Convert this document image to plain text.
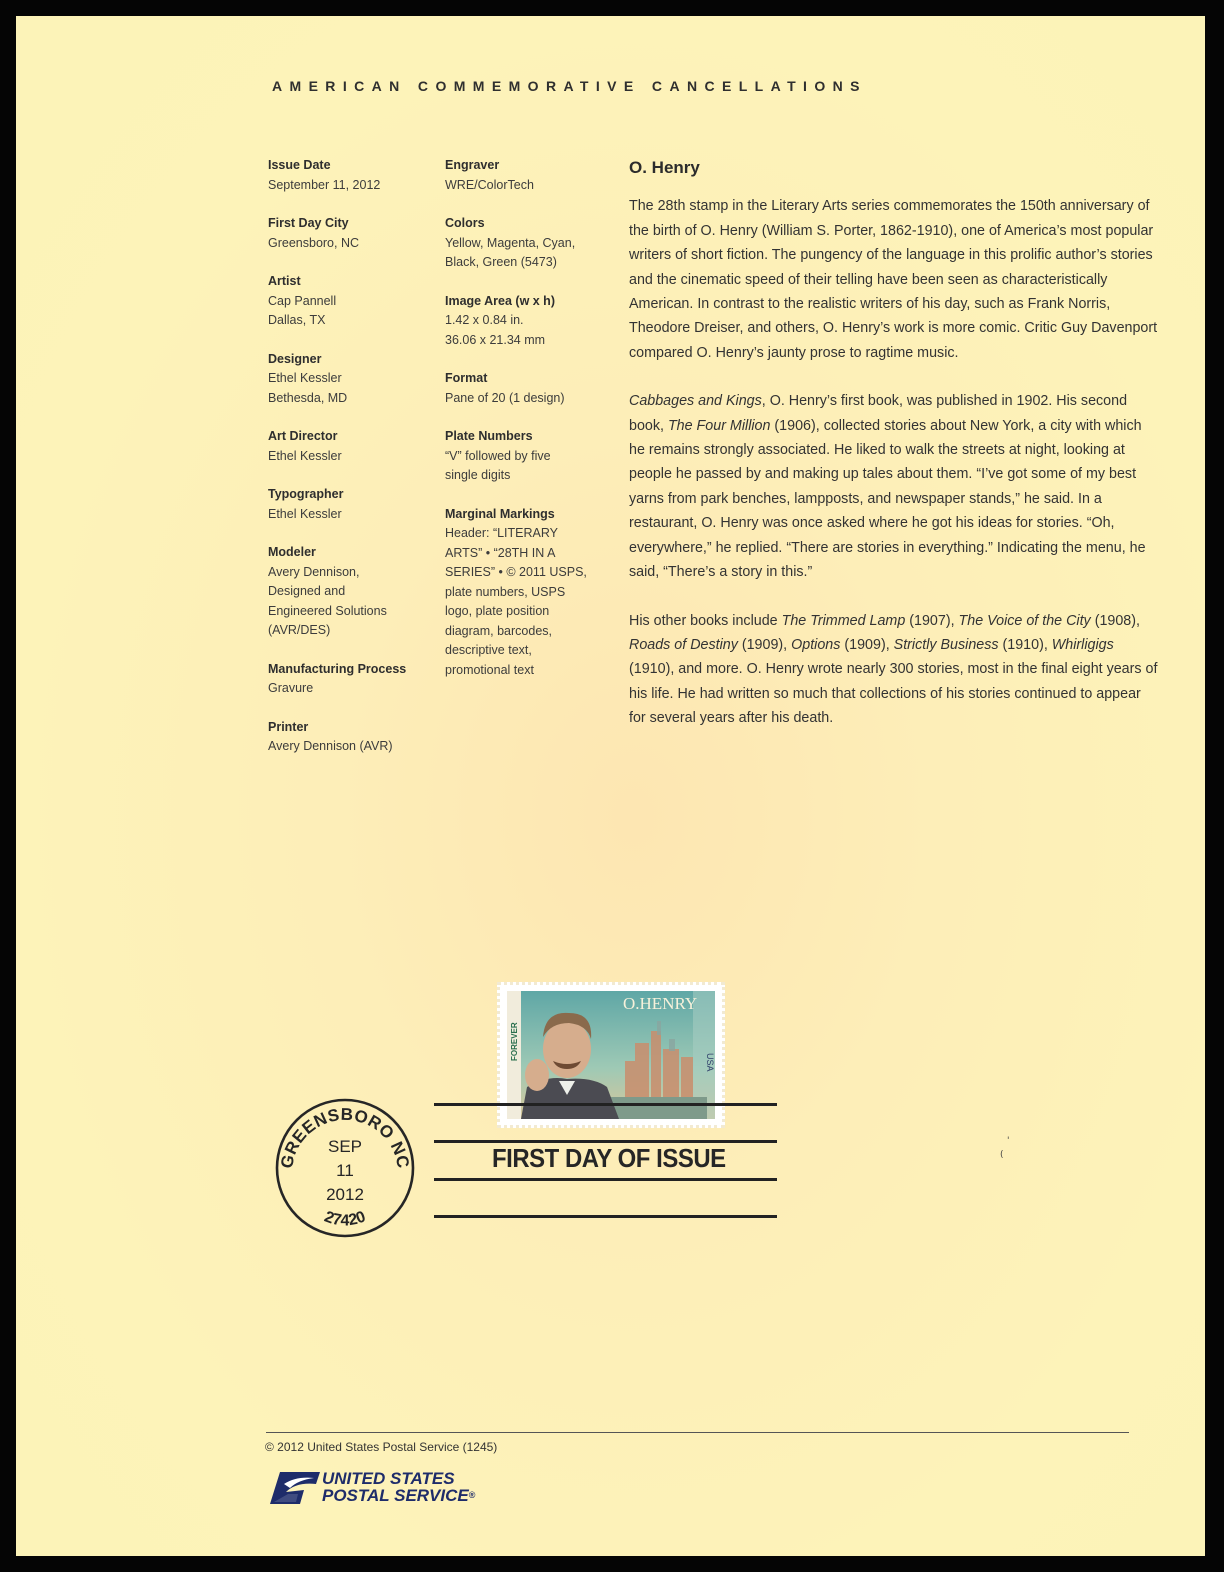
AMERICAN COMMEMORATIVE CANCELLATIONS
Issue Date
September 11, 2012
First Day City
Greensboro, NC
Artist
Cap Pannell
Dallas, TX
Designer
Ethel Kessler
Bethesda, MD
Art Director
Ethel Kessler
Typographer
Ethel Kessler
Modeler
Avery Dennison,
Designed and
Engineered Solutions
(AVR/DES)
Manufacturing Process
Gravure
Printer
Avery Dennison (AVR)
Engraver
WRE/ColorTech
Colors
Yellow, Magenta, Cyan,
Black, Green (5473)
Image Area (w x h)
1.42 x 0.84 in.
36.06 x 21.34 mm
Format
Pane of 20 (1 design)
Plate Numbers
“V” followed by five
single digits
Marginal Markings
Header: “LITERARY
ARTS” • “28TH IN A
SERIES” • © 2011 USPS,
plate numbers, USPS
logo, plate position
diagram, barcodes,
descriptive text,
promotional text
O. Henry

The 28th stamp in the Literary Arts series commemorates the 150th anniversary of the birth of O. Henry (William S. Porter, 1862-1910), one of America’s most popular writers of short fiction. The pungency of the language in this prolific author’s stories and the cinematic speed of their telling have been seen as characteristically American. In contrast to the realistic writers of his day, such as Frank Norris, Theodore Dreiser, and others, O. Henry’s work is more comic. Critic Guy Davenport compared O. Henry’s jaunty prose to ragtime music.

Cabbages and Kings, O. Henry’s first book, was published in 1902. His second book, The Four Million (1906), collected stories about New York, a city with which he remains strongly associated. He liked to walk the streets at night, looking at people he passed by and making up tales about them. “I’ve got some of my best yarns from park benches, lampposts, and newspaper stands,” he said. In a restaurant, O. Henry was once asked where he got his ideas for stories. “Oh, everywhere,” he replied. “There are stories in everything.” Indicating the menu, he said, “There’s a story in this.”

His other books include The Trimmed Lamp (1907), The Voice of the City (1908), Roads of Destiny (1909), Options (1909), Strictly Business (1910), Whirligigs (1910), and more. O. Henry wrote nearly 300 stories, most in the final eight years of his life. He had written so much that collections of his stories continued to appear for several years after his death.

O.HENRY
FOREVER
USA
GREENSBORO NC
SEP
11
2012
27420
FIRST DAY OF ISSUE
'
(
© 2012 United States Postal Service (1245)
UNITED STATES
POSTAL SERVICE®
